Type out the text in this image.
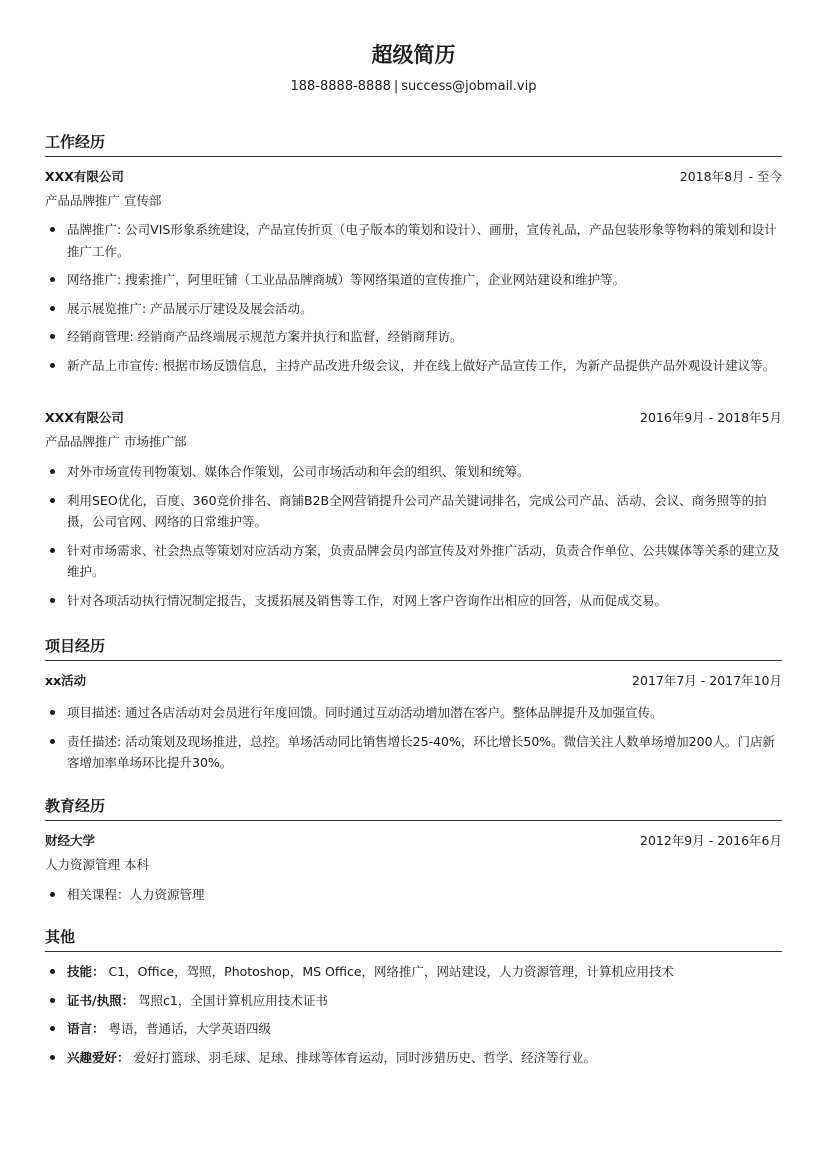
超级简历
188-8888-8888 | success@jobmail.vip
工作经历
XXX有限公司	2018年8月 - 至今
产品品牌推广 宣传部
品牌推广: 公司VIS形象系统建设，产品宣传折页（电子版本的策划和设计）、画册，宣传礼品，产品包装形象等物料的策划和设计推广工作。
网络推广: 搜索推广，阿里旺铺（工业品品牌商城）等网络渠道的宣传推广，企业网站建设和维护等。
展示展览推广: 产品展示厅建设及展会活动。
经销商管理: 经销商产品终端展示规范方案并执行和监督，经销商拜访。
新产品上市宣传: 根据市场反馈信息，主持产品改进升级会议，并在线上做好产品宣传工作，为新产品提供产品外观设计建议等。
XXX有限公司	2016年9月 - 2018年5月
产品品牌推广 市场推广部
对外市场宣传刊物策划、媒体合作策划，公司市场活动和年会的组织、策划和统筹。
利用SEO优化，百度、360竞价排名、商铺B2B全网营销提升公司产品关键词排名，完成公司产品、活动、会议、商务照等的拍摄，公司官网、网络的日常维护等。
针对市场需求、社会热点等策划对应活动方案，负责品牌会员内部宣传及对外推广活动，负责合作单位、公共媒体等关系的建立及维护。
针对各项活动执行情况制定报告，支援拓展及销售等工作，对网上客户咨询作出相应的回答，从而促成交易。
项目经历
xx活动	2017年7月 - 2017年10月
项目描述: 通过各店活动对会员进行年度回馈。同时通过互动活动增加潜在客户。整体品牌提升及加强宣传。
责任描述: 活动策划及现场推进，总控。单场活动同比销售增长25-40%，环比增长50%。微信关注人数单场增加200人。门店新客增加率单场环比提升30%。
教育经历
财经大学	2012年9月 - 2016年6月
人力资源管理 本科
相关课程：人力资源管理
其他
技能： C1，Office，驾照，Photoshop，MS Office，网络推广，网站建设，人力资源管理，计算机应用技术
证书/执照： 驾照c1，全国计算机应用技术证书
语言： 粤语，普通话，大学英语四级
兴趣爱好： 爱好打篮球、羽毛球、足球、排球等体育运动，同时涉猎历史、哲学、经济等行业。
